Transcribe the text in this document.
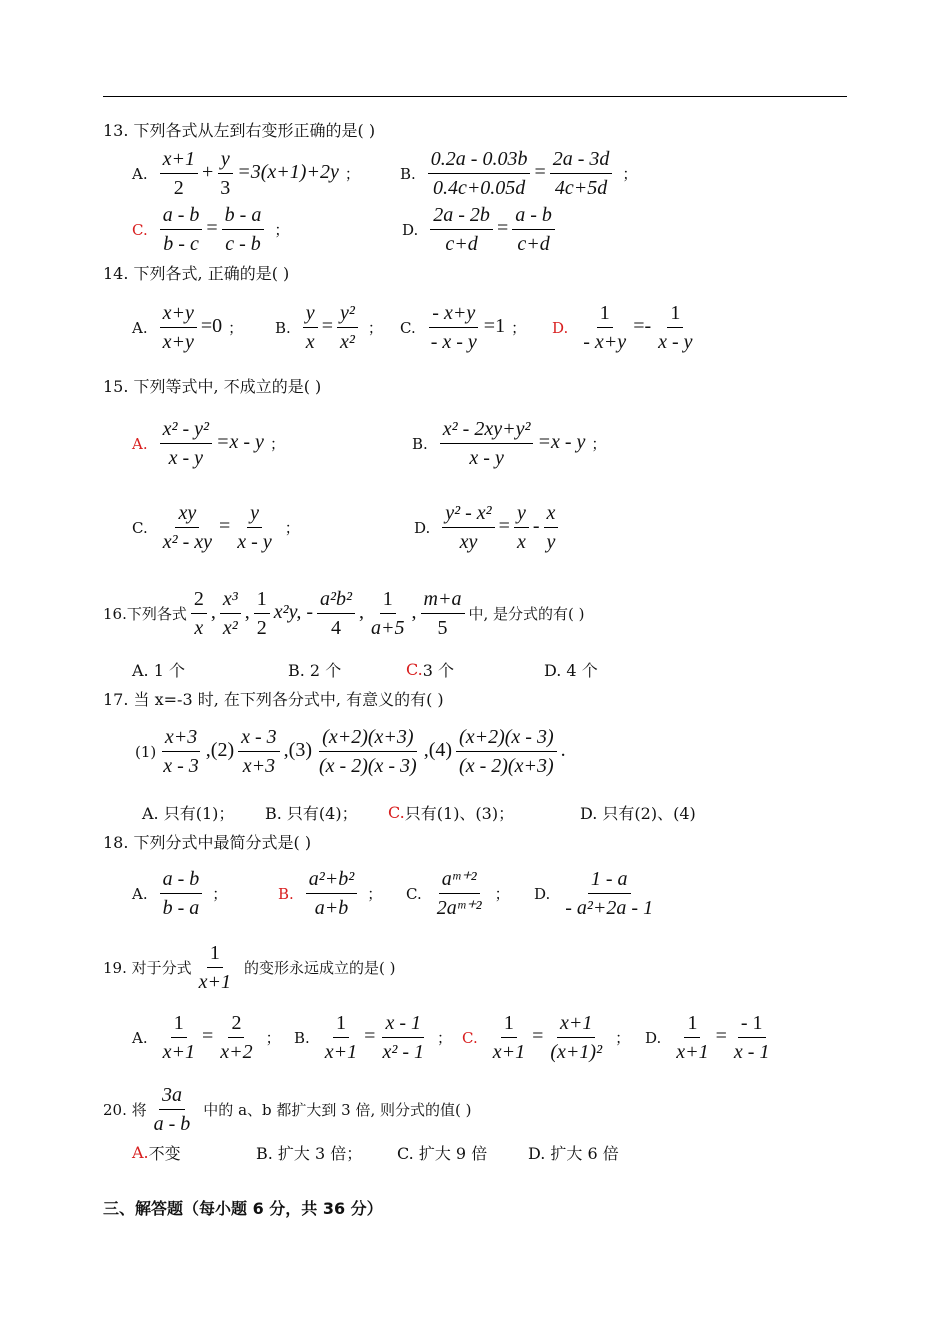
13. 下列各式从左到右变形正确的是( )
A. $\frac{x+1}{2} + \frac{y}{3} =3(x+1)+2y$ ；	B. $\frac{0.2a - 0.03b}{0.4c+0.05d} = \frac{2a - 3d}{4c+5d}$ ；
C. $\frac{a - b}{b - c} = \frac{b - a}{c - b}$ ；	D. $\frac{2a - 2b}{c+d} = \frac{a - b}{c+d}$
14. 下列各式, 正确的是( )
A. $\frac{x+y}{x+y} =0$ ； B. $\frac{y}{x} = \frac{\text{y²}}{\text{x²}}$ ； C. $\frac{- x+y}{- x - y} =1$ ； D. $\frac{1}{- x+y} =- \frac{1}{x - y}$
15. 下列等式中, 不成立的是( )
A. $\frac{\text{x² - y²}}{x - y} =x - y$ ；	B. $\frac{\text{x² - 2xy+y²}}{x - y} =x - y$ ；
C. $\frac{xy}{\text{x² - xy}} = \frac{y}{x - y}$ ；	D. $\frac{\text{y² - x²}}{xy} = \frac{y}{x} - \frac{x}{y}$
16.下列各式 $\frac{2}{x}$ , $\frac{\text{x³}}{\text{x²}}$ , $\frac{1}{2} x^2y$, - $\frac{\text{a²b²}}{4}$ , $\frac{1}{a+5}$ , $\frac{m+a}{5}$ 中, 是分式的有( )
A. 1 个	B. 2 个	C. 3 个	D. 4 个
17. 当 x=-3 时, 在下列各分式中, 有意义的有( )
$(1) \frac{x+3}{x - 3} ,(2) \frac{x - 3}{x+3} ,(3) \frac{(x+2)(x+3)}{(x - 2)(x - 3)} ,(4) \frac{(x+2)(x - 3)}{(x - 2)(x+3)}$ .
A. 只有(1)； B. 只有(4)； C. 只有(1)、(3)；	D. 只有(2)、(4)
18. 下列分式中最简分式是( )
A. $\frac{a - b}{b - a}$ ；	B. $\frac{\text{a²+b²}}{a+b}$ ； C. $\frac{\text{aᵐ⁺²}}{\text{2aᵐ⁺²}}$ ； D. $\frac{1 - a}{\text{- a²+2a - 1}}$
19. 对于分式 $\frac{1}{x+1}$ 的变形永远成立的是( )
A. $\frac{1}{x+1} = \frac{2}{x+2}$ ； B. $\frac{1}{x+1} = \frac{x - 1}{\text{x² - 1}}$ ； C. $\frac{1}{x+1} = \frac{x+1}{\text{(x+1)²}}$ ； D. $\frac{1}{x+1} = \frac{- 1}{x - 1}$
20. 将 $\frac{3a}{a - b}$ 中的 a、b 都扩大到 3 倍, 则分式的值( )
A. 不变	B. 扩大 3 倍； C. 扩大 9 倍	D. 扩大 6 倍
三、解答题（每小题 6 分，共 36 分）
